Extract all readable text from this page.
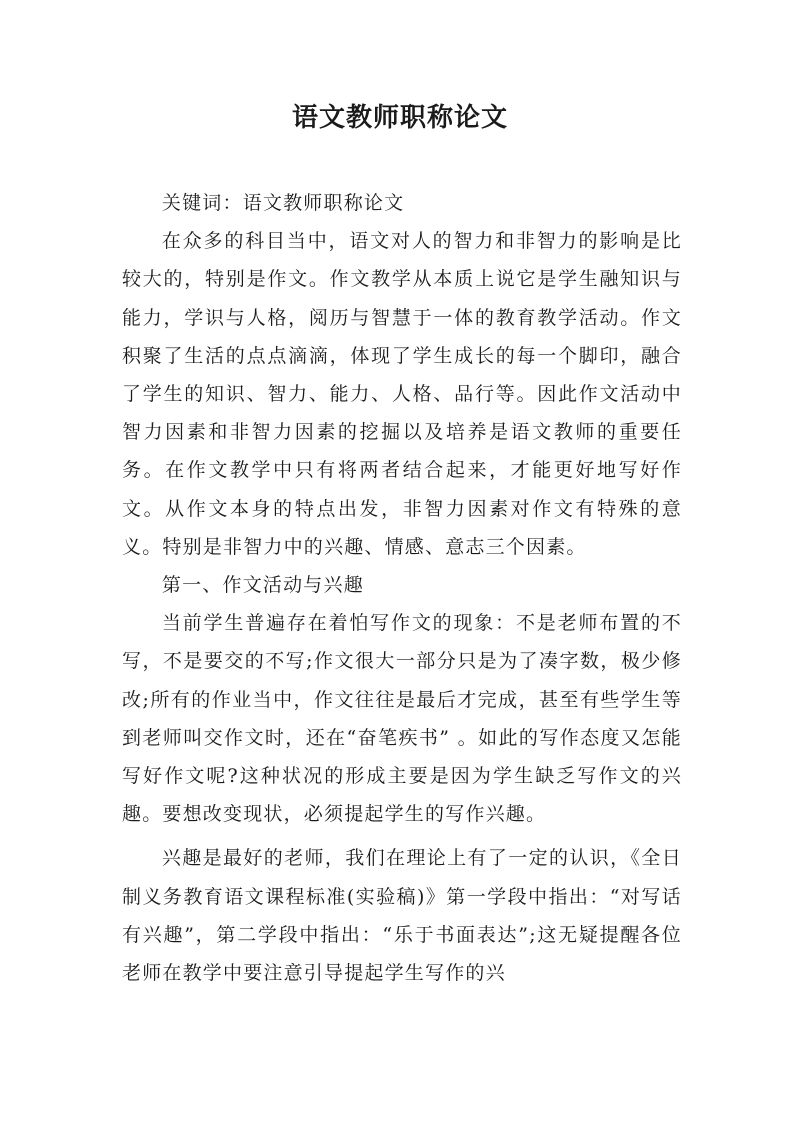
语文教师职称论文

关键词：语文教师职称论文

在众多的科目当中，语文对人的智力和非智力的影响是比较大的，特别是作文。作文教学从本质上说它是学生融知识与能力，学识与人格，阅历与智慧于一体的教育教学活动。作文积聚了生活的点点滴滴，体现了学生成长的每一个脚印，融合了学生的知识、智力、能力、人格、品行等。因此作文活动中智力因素和非智力因素的挖掘以及培养是语文教师的重要任务。在作文教学中只有将两者结合起来，才能更好地写好作文。从作文本身的特点出发，非智力因素对作文有特殊的意义。特别是非智力中的兴趣、情感、意志三个因素。

第一、作文活动与兴趣

当前学生普遍存在着怕写作文的现象：不是老师布置的不写，不是要交的不写;作文很大一部分只是为了凑字数，极少修改;所有的作业当中，作文往往是最后才完成，甚至有些学生等到老师叫交作文时，还在“奋笔疾书” 。如此的写作态度又怎能写好作文呢?这种状况的形成主要是因为学生缺乏写作文的兴趣。要想改变现状，必须提起学生的写作兴趣。

兴趣是最好的老师，我们在理论上有了一定的认识，《全日制义务教育语文课程标准(实验稿)》第一学段中指出：“对写话有兴趣”，第二学段中指出：“乐于书面表达”;这无疑提醒各位老师在教学中要注意引导提起学生写作的兴
